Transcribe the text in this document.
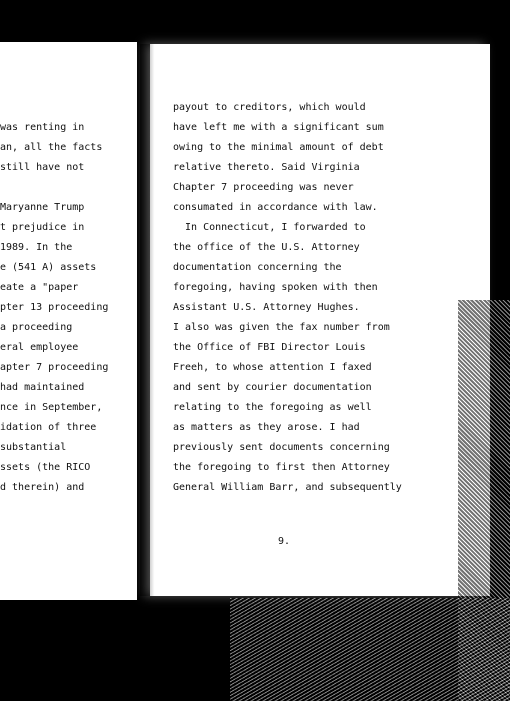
was renting in

an, all the facts

still have not

Maryanne Trump

t prejudice in

1989. In the

e (541 A) assets

eate a "paper

pter 13 proceeding

a proceeding

eral employee

apter 7 proceeding

had maintained

nce in September,

idation of three

substantial

ssets (the RICO

d therein) and

payout to creditors, which would

have left me with a significant sum

owing to the minimal amount of debt

relative thereto. Said Virginia

Chapter 7 proceeding was never

consumated in accordance with law.

In Connecticut, I forwarded to

the office of the U.S. Attorney

documentation concerning the

foregoing, having spoken with then

Assistant U.S. Attorney Hughes.

I also was given the fax number from

the Office of FBI Director Louis

Freeh, to whose attention I faxed

and sent by courier documentation

relating to the foregoing as well

as matters as they arose. I had

previously sent documents concerning

the foregoing to first then Attorney

General William Barr, and subsequently

9.
